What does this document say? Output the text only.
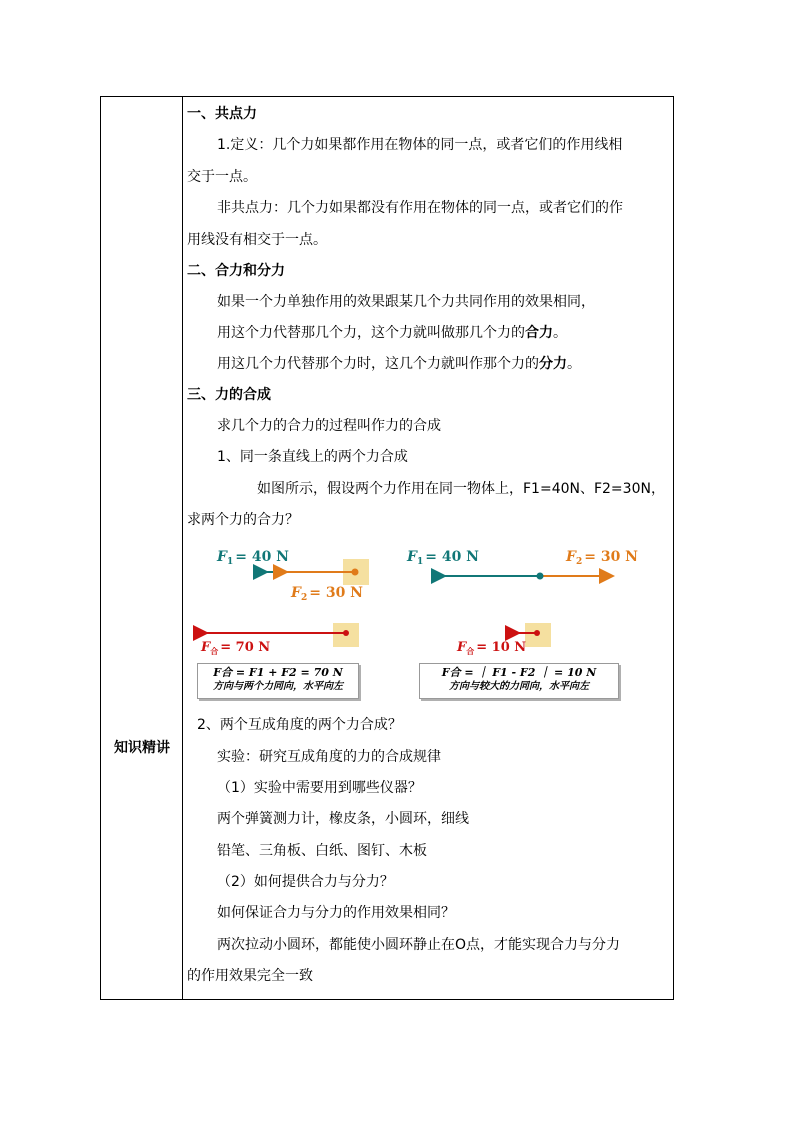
知识精讲
一、共点力
1.定义：几个力如果都作用在物体的同一点，或者它们的作用线相
交于一点。
非共点力：几个力如果都没有作用在物体的同一点，或者它们的作
用线没有相交于一点。
二、合力和分力
如果一个力单独作用的效果跟某几个力共同作用的效果相同，
用这个力代替那几个力，这个力就叫做那几个力的合力。
用这几个力代替那个力时，这几个力就叫作那个力的分力。
三、力的合成
求几个力的合力的过程叫作力的合成
1、同一条直线上的两个力合成
如图所示，假设两个力作用在同一物体上，F1=40N、F2=30N，
求两个力的合力？
$F_1 = 40$ N
$F_2 = 30$ N
$F_合 = 70$ N
$F_1 = 40$ N	$F_2 = 30$ N
$F_合 = 10$ N
F合 = F1 + F2 = 70 N
方向与两个力同向，水平向左
F合 = ｜ F1 - F2 ｜ = 10 N
方向与较大的力同向，水平向左
2、两个互成角度的两个力合成？
实验：研究互成角度的力的合成规律
（1）实验中需要用到哪些仪器？
两个弹簧测力计，橡皮条，小圆环，细线
铅笔、三角板、白纸、图钉、木板
（2）如何提供合力与分力？
如何保证合力与分力的作用效果相同？
两次拉动小圆环，都能使小圆环静止在O点，才能实现合力与分力
的作用效果完全一致
